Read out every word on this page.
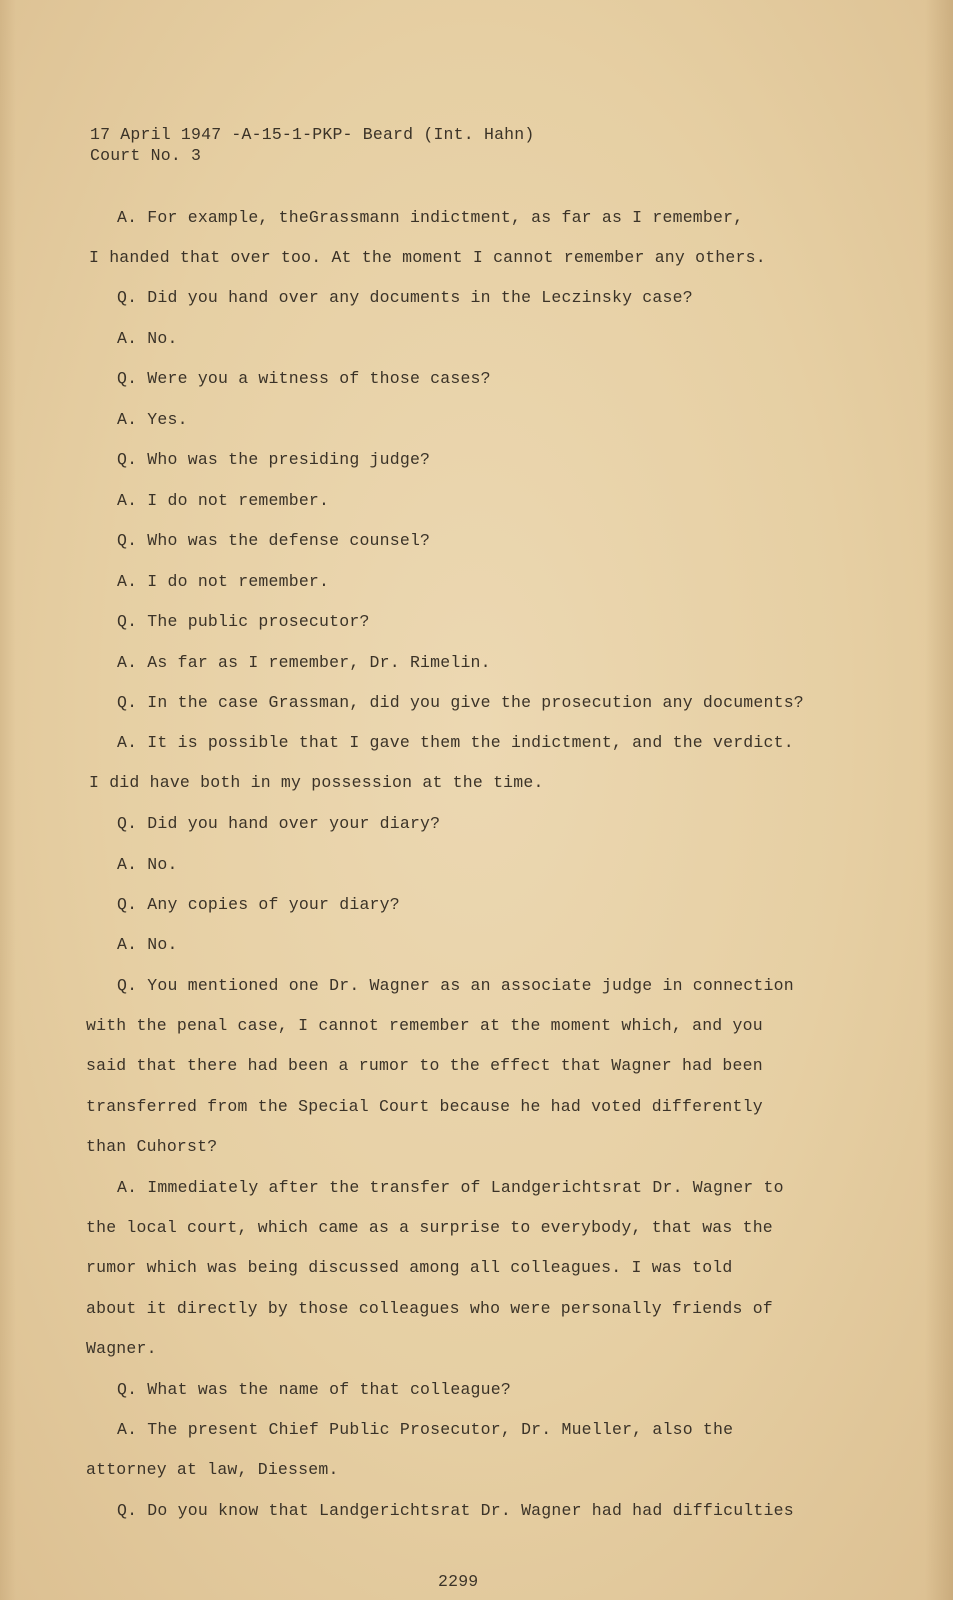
17 April 1947 -A-15-1-PKP- Beard (Int. Hahn)
Court No. 3
A. For example, theGrassmann indictment, as far as I remember,
I handed that over too. At the moment I cannot remember any others.
Q. Did you hand over any documents in the Leczinsky case?
A. No.
Q. Were you a witness of those cases?
A. Yes.
Q. Who was the presiding judge?
A. I do not remember.
Q. Who was the defense counsel?
A. I do not remember.
Q. The public prosecutor?
A. As far as I remember, Dr. Rimelin.
Q. In the case Grassman, did you give the prosecution any documents?
A. It is possible that I gave them the indictment, and the verdict.
I did have both in my possession at the time.
Q. Did you hand over your diary?
A. No.
Q. Any copies of your diary?
A. No.
Q. You mentioned one Dr. Wagner as an associate judge in connection
with the penal case, I cannot remember at the moment which, and you
said that there had been a rumor to the effect that Wagner had been
transferred from the Special Court because he had voted differently
than Cuhorst?
A. Immediately after the transfer of Landgerichtsrat Dr. Wagner to
the local court, which came as a surprise to everybody, that was the
rumor which was being discussed among all colleagues. I was told
about it directly by those colleagues who were personally friends of
Wagner.
Q. What was the name of that colleague?
A. The present Chief Public Prosecutor, Dr. Mueller, also the
attorney at law, Diessem.
Q. Do you know that Landgerichtsrat Dr. Wagner had had difficulties
2299
